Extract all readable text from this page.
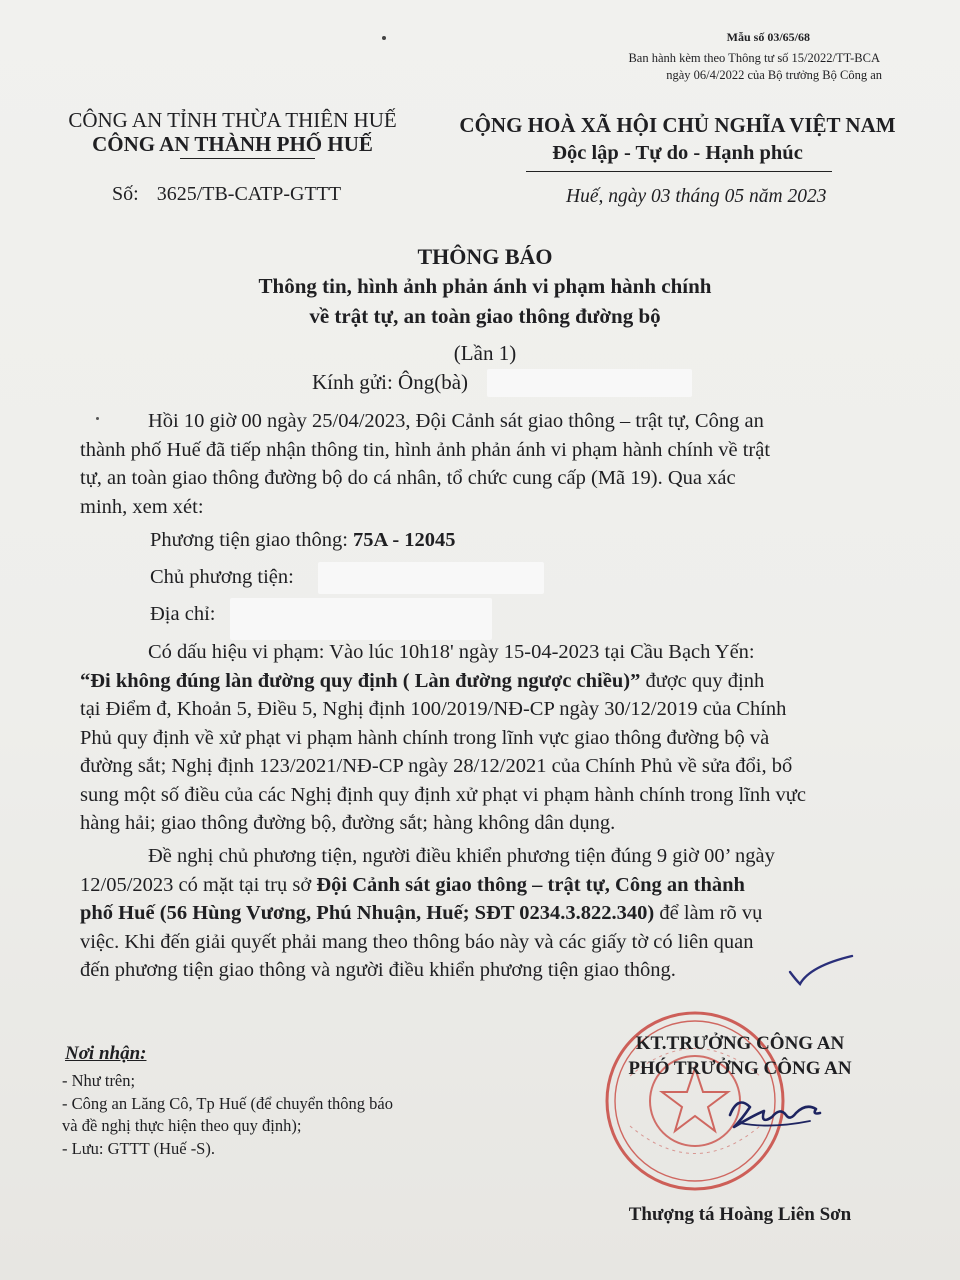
Mẫu số 03/65/68
Ban hành kèm theo Thông tư số 15/2022/TT-BCA
ngày 06/4/2022 của Bộ trưởng Bộ Công an
CÔNG AN TỈNH THỪA THIÊN HUẾ
CÔNG AN THÀNH PHỐ HUẾ
CỘNG HOÀ XÃ HỘI CHỦ NGHĨA VIỆT NAM
Độc lập - Tự do - Hạnh phúc
Số: 3625/TB-CATP-GTTT	Huế, ngày 03 tháng 05 năm 2023
THÔNG BÁO
Thông tin, hình ảnh phản ánh vi phạm hành chính
về trật tự, an toàn giao thông đường bộ
(Lần 1)
Kính gửi: Ông(bà)
Hồi 10 giờ 00 ngày 25/04/2023, Đội Cảnh sát giao thông – trật tự, Công an
thành phố Huế đã tiếp nhận thông tin, hình ảnh phản ánh vi phạm hành chính về trật
tự, an toàn giao thông đường bộ do cá nhân, tổ chức cung cấp (Mã 19). Qua xác
minh, xem xét:
Phương tiện giao thông: 75A - 12045
Chủ phương tiện:
Địa chỉ:
Có dấu hiệu vi phạm: Vào lúc 10h18' ngày 15-04-2023 tại Cầu Bạch Yến:
“Đi không đúng làn đường quy định ( Làn đường ngược chiều)” được quy định
tại Điểm đ, Khoản 5, Điều 5, Nghị định 100/2019/NĐ-CP ngày 30/12/2019 của Chính
Phủ quy định về xử phạt vi phạm hành chính trong lĩnh vực giao thông đường bộ và
đường sắt; Nghị định 123/2021/NĐ-CP ngày 28/12/2021 của Chính Phủ về sửa đổi, bổ
sung một số điều của các Nghị định quy định xử phạt vi phạm hành chính trong lĩnh vực
hàng hải; giao thông đường bộ, đường sắt; hàng không dân dụng.
Đề nghị chủ phương tiện, người điều khiển phương tiện đúng 9 giờ 00’ ngày
12/05/2023 có mặt tại trụ sở Đội Cảnh sát giao thông – trật tự, Công an thành
phố Huế (56 Hùng Vương, Phú Nhuận, Huế; SĐT 0234.3.822.340) để làm rõ vụ
việc. Khi đến giải quyết phải mang theo thông báo này và các giấy tờ có liên quan
đến phương tiện giao thông và người điều khiển phương tiện giao thông.
Nơi nhận:
- Như trên;
- Công an Lăng Cô, Tp Huế (để chuyển thông báo
và đề nghị thực hiện theo quy định);
- Lưu: GTTT (Huế -S).
KT.TRƯỞNG CÔNG AN
PHÓ TRƯỞNG CÔNG AN
Thượng tá Hoàng Liên Sơn
